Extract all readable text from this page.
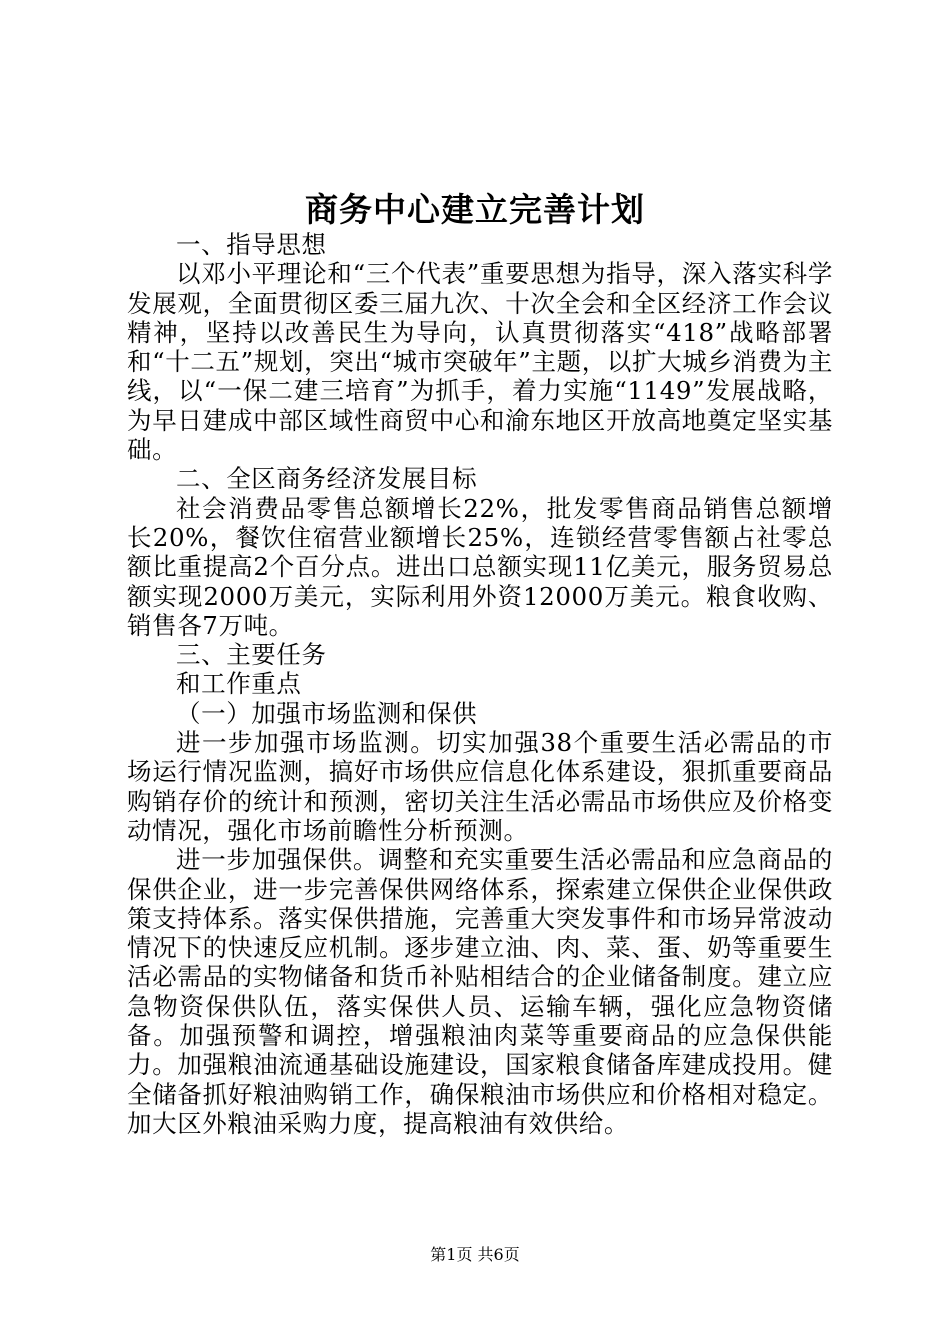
商务中心建立完善计划

一、指导思想

以邓小平理论和“三个代表”重要思想为指导，深入落实科学发展观，全面贯彻区委三届九次、十次全会和全区经济工作会议精神，坚持以改善民生为导向，认真贯彻落实“418”战略部署和“十二五”规划，突出“城市突破年”主题，以扩大城乡消费为主线，以“一保二建三培育”为抓手，着力实施“1149”发展战略，为早日建成中部区域性商贸中心和渝东地区开放高地奠定坚实基础。

二、全区商务经济发展目标

社会消费品零售总额增长22%，批发零售商品销售总额增长20%，餐饮住宿营业额增长25%，连锁经营零售额占社零总额比重提高2个百分点。进出口总额实现11亿美元，服务贸易总额实现2000万美元，实际利用外资12000万美元。粮食收购、销售各7万吨。

三、主要任务

和工作重点

（一）加强市场监测和保供

进一步加强市场监测。切实加强38个重要生活必需品的市场运行情况监测，搞好市场供应信息化体系建设，狠抓重要商品购销存价的统计和预测，密切关注生活必需品市场供应及价格变动情况，强化市场前瞻性分析预测。

进一步加强保供。调整和充实重要生活必需品和应急商品的保供企业，进一步完善保供网络体系，探索建立保供企业保供政策支持体系。落实保供措施，完善重大突发事件和市场异常波动情况下的快速反应机制。逐步建立油、肉、菜、蛋、奶等重要生活必需品的实物储备和货币补贴相结合的企业储备制度。建立应急物资保供队伍，落实保供人员、运输车辆，强化应急物资储备。加强预警和调控，增强粮油肉菜等重要商品的应急保供能力。加强粮油流通基础设施建设，国家粮食储备库建成投用。健全储备抓好粮油购销工作，确保粮油市场供应和价格相对稳定。加大区外粮油采购力度，提高粮油有效供给。

第1页 共6页
